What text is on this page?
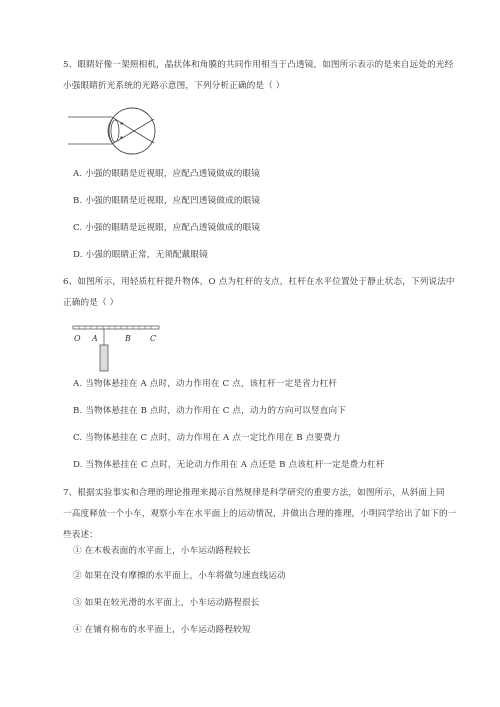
5、眼睛好像一架照相机，晶状体和角膜的共同作用相当于凸透镜，如图所示表示的是来自远处的光经
小强眼睛折光系统的光路示意图，下列分析正确的是（ ）
A. 小强的眼睛是近视眼，应配凸透镜做成的眼镜
B. 小强的眼睛是近视眼，应配凹透镜做成的眼镜
C. 小强的眼睛是远视眼，应配凸透镜做成的眼镜
D. 小强的眼睛正常，无须配戴眼镜
6、如图所示，用轻质杠杆提升物体，O 点为杠杆的支点，杠杆在水平位置处于静止状态，下列说法中
正确的是（ ）
O A	B C
A. 当物体悬挂在 A 点时，动力作用在 C 点，该杠杆一定是省力杠杆
B. 当物体悬挂在 B 点时，动力作用在 C 点，动力的方向可以竖直向下
C. 当物体悬挂在 C 点时，动力作用在 A 点一定比作用在 B 点要费力
D. 当物体悬挂在 C 点时，无论动力作用在 A 点还是 B 点该杠杆一定是费力杠杆
7、根据实验事实和合理的理论推理来揭示自然规律是科学研究的重要方法，如图所示，从斜面上同
一高度释放一个小车，观察小车在水平面上的运动情况，并做出合理的推理，小明同学给出了如下的一
些表述：
① 在木板表面的水平面上，小车运动路程较长
② 如果在没有摩擦的水平面上，小车将做匀速直线运动
③ 如果在较光滑的水平面上，小车运动路程很长
④ 在铺有棉布的水平面上，小车运动路程较短
